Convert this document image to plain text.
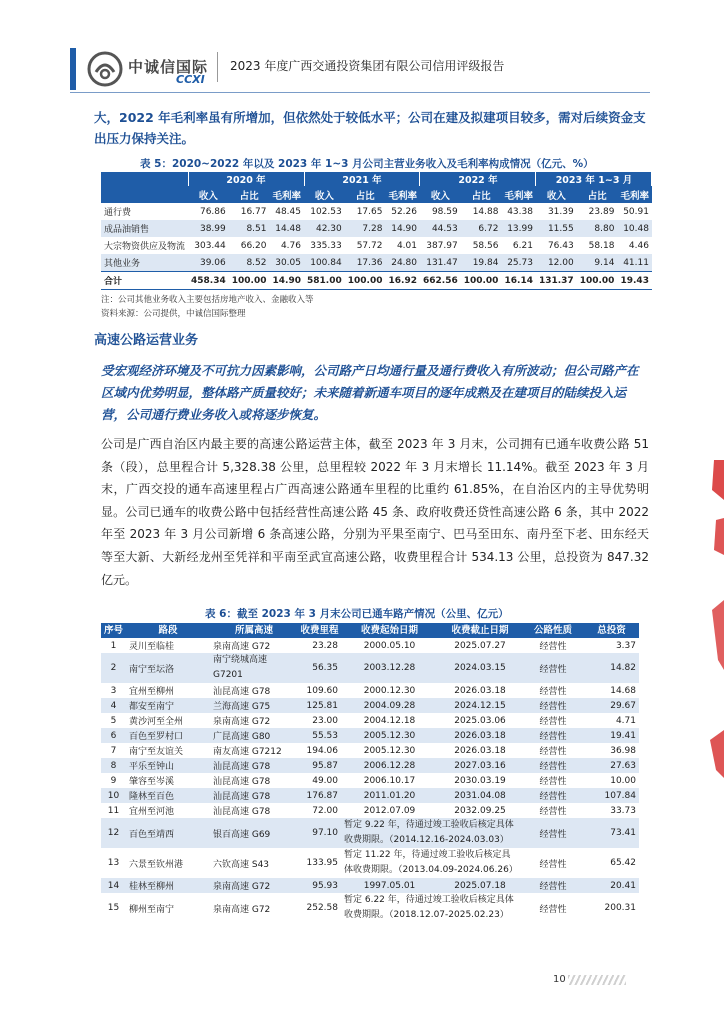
中诚信国际
CCXI
2023 年度广西交通投资集团有限公司信用评级报告
大，2022 年毛利率虽有所增加，但依然处于较低水平；公司在建及拟建项目较多，需对后续资金支出压力保持关注。
表 5：2020~2022 年以及 2023 年 1~3 月公司主营业务收入及毛利率构成情况（亿元、%）
	2020 年			2021 年			2022 年			2023 年 1~3 月		
	收入	占比	毛利率	收入	占比	毛利率	收入	占比	毛利率	收入	占比	毛利率
通行费	76.86	16.77	48.45	102.53	17.65	52.26	98.59	14.88	43.38	31.39	23.89	50.91
成品油销售	38.99	8.51	14.48	42.30	7.28	14.90	44.53	6.72	13.99	11.55	8.80	10.48
大宗物资供应及物流	303.44	66.20	4.76	335.33	57.72	4.01	387.97	58.56	6.21	76.43	58.18	4.46
其他业务	39.06	8.52	30.05	100.84	17.36	24.80	131.47	19.84	25.73	12.00	9.14	41.11
合计	458.34	100.00	14.90	581.00	100.00	16.92	662.56	100.00	16.14	131.37	100.00	19.43
注：公司其他业务收入主要包括房地产收入、金融收入等
资料来源：公司提供，中诚信国际整理
高速公路运营业务
受宏观经济环境及不可抗力因素影响，公司路产日均通行量及通行费收入有所波动；但公司路产在区域内优势明显，整体路产质量较好；未来随着新通车项目的逐年成熟及在建项目的陆续投入运营，公司通行费业务收入或将逐步恢复。
公司是广西自治区内最主要的高速公路运营主体，截至 2023 年 3 月末，公司拥有已通车收费公路 51 条（段），总里程合计 5,328.38 公里，总里程较 2022 年 3 月末增长 11.14%。截至 2023 年 3 月末，广西交投的通车高速里程占广西高速公路通车里程的比重约 61.85%，在自治区内的主导优势明显。公司已通车的收费公路中包括经营性高速公路 45 条、政府收费还贷性高速公路 6 条，其中 2022 年至 2023 年 3 月公司新增 6 条高速公路，分别为平果至南宁、巴马至田东、南丹至下老、田东经天等至大新、大新经龙州至凭祥和平南至武宣高速公路，收费里程合计 534.13 公里，总投资为 847.32 亿元。
表 6：截至 2023 年 3 月末公司已通车路产情况（公里、亿元）
序号	路段	所属高速	收费里程	收费起始日期	收费截止日期	公路性质	总投资
1	灵川至临桂	泉南高速 G72	23.28	2000.05.10	2025.07.27	经营性	3.37
2	南宁至坛洛	南宁绕城高速 G7201	56.35	2003.12.28	2024.03.15	经营性	14.82
3	宜州至柳州	汕昆高速 G78	109.60	2000.12.30	2026.03.18	经营性	14.68
4	都安至南宁	兰海高速 G75	125.81	2004.09.28	2024.12.15	经营性	29.67
5	黄沙河至全州	泉南高速 G72	23.00	2004.12.18	2025.03.06	经营性	4.71
6	百色至罗村口	广昆高速 G80	55.53	2005.12.30	2026.03.18	经营性	19.41
7	南宁至友谊关	南友高速 G7212	194.06	2005.12.30	2026.03.18	经营性	36.98
8	平乐至钟山	汕昆高速 G78	95.87	2006.12.28	2027.03.16	经营性	27.63
9	肇容至岑溪	汕昆高速 G78	49.00	2006.10.17	2030.03.19	经营性	10.00
10	隆林至百色	汕昆高速 G78	176.87	2011.01.20	2031.04.08	经营性	107.84
11	宜州至河池	汕昆高速 G78	72.00	2012.07.09	2032.09.25	经营性	33.73
12	百色至靖西	银百高速 G69	97.10	暂定 9.22 年，待通过竣工验收后核定具体收费期限。（2014.12.16-2024.03.03）		经营性	73.41
13	六景至钦州港	六钦高速 S43	133.95	暂定 11.22 年，待通过竣工验收后核定具体收费期限。（2013.04.09-2024.06.26）		经营性	65.42
14	桂林至柳州	泉南高速 G72	95.93	1997.05.01	2025.07.18	经营性	20.41
15	柳州至南宁	泉南高速 G72	252.58	暂定 6.22 年，待通过竣工验收后核定具体收费期限。（2018.12.07-2025.02.23）		经营性	200.31
10
